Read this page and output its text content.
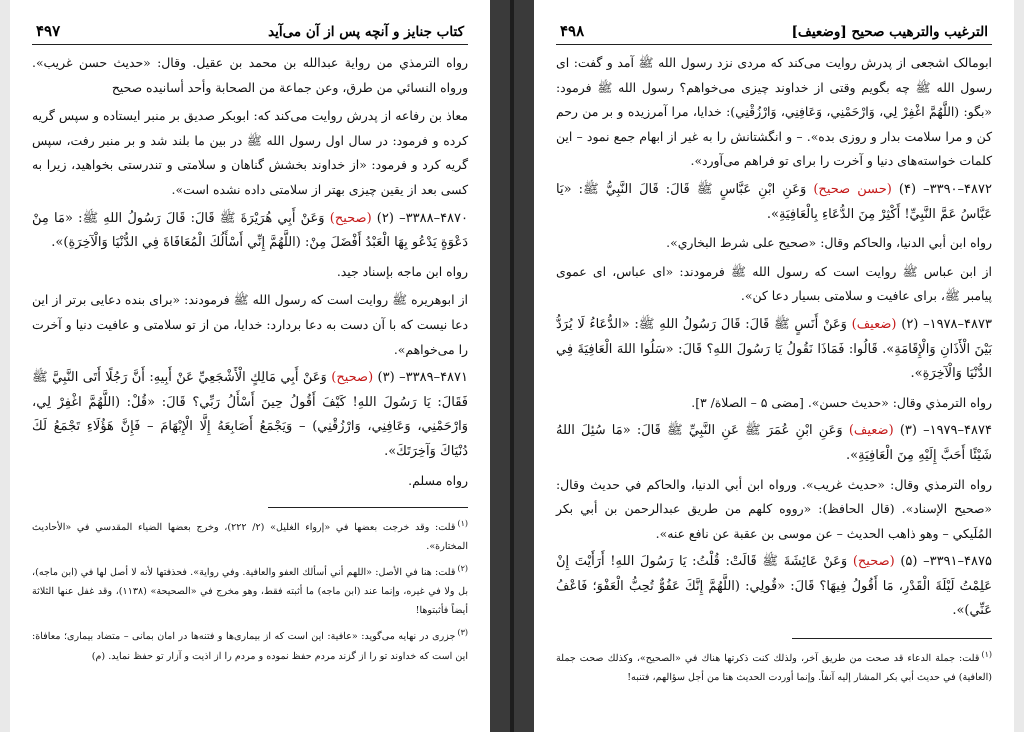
کتاب جنایز و آنچه پس از آن می‌آید
۴۹۷

رواه الترمذي من رواية عبدالله بن محمد بن عقيل. وقال: «حديث حسن غريب». ورواه النسائي من طرق، وعن جماعة من الصحابة وأحد أسانيده صحيح

معاذ بن رفاعه از پدرش روایت می‌کند که: ابوبکر صدیق بر منبر ایستاده و سپس گریه کرده و فرمود: در سال اول رسول الله ﷺ در بین ما بلند شد و بر منبر رفت، سپس گریه کرد و فرمود: «از خداوند بخشش گناهان و سلامتی و تندرستی بخواهید، زیرا به کسی بعد از یقین چیزی بهتر از سلامتی داده نشده است».

۴۸۷۰–۳۳۸۸– (۲) (صحيح) وَعَنْ أَبِي هُرَيْرَةَ ﷺ قَالَ: قَالَ رَسُولُ اللهِ ﷺ: «مَا مِنْ دَعْوَةٍ يَدْعُو بِهَا الْعَبْدُ أَفْضَلَ مِنْ: (اللَّهُمَّ إِنِّي أَسْأَلُكَ الْمُعَافَاةَ فِي الدُّنْيَا وَالْآخِرَةِ)».

رواه ابن ماجه بإسناد جيد.

از ابوهریره ﷺ روایت است که رسول الله ﷺ فرمودند: «برای بنده دعایی برتر از این دعا نیست که با آن دست به دعا بردارد: خدایا، من از تو سلامتی و عافیت دنیا و آخرت را می‌خواهم».

۴۸۷۱–۳۳۸۹– (۳) (صحيح) وَعَنْ أَبِي مَالِكٍ الْأَشْجَعِيِّ عَنْ أَبِيهِ: أَنَّ رَجُلًا أَتَى النَّبِيَّ ﷺ فَقَالَ: يَا رَسُولَ اللهِ! كَيْفَ أَقُولُ حِينَ أَسْأَلُ رَبِّي؟ قَالَ: «قُلْ: (اللَّهُمَّ اغْفِرْ لِي، وَارْحَمْنِي، وَعَافِنِي، وَارْزُقْنِي) – وَيَجْمَعُ أَصَابِعَهُ إِلَّا الْإِبْهَامَ – فَإِنَّ هَؤُلَاءِ تَجْمَعُ لَكَ دُنْيَاكَ وَآخِرَتَكَ».

رواه مسلم.

$^{(۱)}$قلت: وقد خرجت بعضها في «إرواء الغليل» (۲/ ۲۲۲)، وخرج بعضها الضياء المقدسي في «الأحاديث المختارة».

$^{(۲)}$قلت: هنا في الأصل: «اللهم أني أسألك العفو والعافية. وفي رواية». فحذفتها لأنه لا أصل لها في (ابن ماجه)، بل ولا في غيره، وإنما عند (ابن ماجه) ما أثبته فقط، وهو مخرج في «الصحيحة» (۱۱۳۸)، وقد غفل عنها الثلاثة أيضاً فأثبتوها!

$^{(۳)}$جزری در نهایه می‌گوید: «عافية: این است که از بیماری‌ها و فتنه‌ها در امان بمانی – متضاد بیماری؛ معافاة: این است که خداوند تو را از گزند مردم حفظ نموده و مردم را از اذیت و آزار تو حفظ نماید. (م)

الترغيب والترهيب صحيح [وضعيف]
۴۹۸

ابومالک اشجعی از پدرش روایت می‌کند که مردی نزد رسول الله ﷺ آمد و گفت: ای رسول الله ﷺ چه بگویم وقتی از خداوند چیزی می‌خواهم؟ رسول الله ﷺ فرمود: «بگو: (اللَّهُمَّ اغْفِرْ لِي، وَارْحَمْنِي، وَعَافِنِي، وَارْزُقْنِي): خدایا، مرا آمرزیده و بر من رحم کن و مرا سلامت بدار و روزی بده». – و انگشتانش را به غیر از ابهام جمع نمود – این کلمات خواسته‌های دنیا و آخرت را برای تو فراهم می‌آورد».

۴۸۷۲–۳۳۹۰– (۴) (حسن صحيح) وَعَنِ ابْنِ عَبَّاسٍ ﷺ قَالَ: قَالَ النَّبِيُّ ﷺ: «يَا عَبَّاسُ عَمَّ النَّبِيِّ! أَكْثِرْ مِنَ الدُّعَاءِ بِالْعَافِيَةِ».

رواه ابن أبي الدنيا، والحاكم وقال: «صحيح على شرط البخاري».

از ابن عباس ﷺ روایت است که رسول الله ﷺ فرمودند: «ای عباس، ای عموی پیامبر ﷺ، برای عافیت و سلامتی بسیار دعا کن».

۴۸۷۳–۱۹۷۸– (۲) (ضعيف) وَعَنْ أَنَسٍ ﷺ قَالَ: قَالَ رَسُولُ اللهِ ﷺ: «الدُّعَاءُ لَا يُرَدُّ بَيْنَ الْأَذَانِ وَالْإِقَامَةِ». قَالُوا: فَمَاذَا نَقُولُ يَا رَسُولَ اللهِ؟ قَالَ: «سَلُوا اللهَ الْعَافِيَةَ فِي الدُّنْيَا وَالْآخِرَةِ».

رواه الترمذي وقال: «حديث حسن». [مضى ۵ – الصلاة/ ۳].

۴۸۷۴–۱۹۷۹– (۳) (ضعيف) وَعَنِ ابْنِ عُمَرَ ﷺ عَنِ النَّبِيِّ ﷺ قَالَ: «مَا سُئِلَ اللهُ شَيْئًا أَحَبَّ إِلَيْهِ مِنَ الْعَافِيَةِ».

رواه الترمذي وقال: «حديث غريب». ورواه ابن أبي الدنيا، والحاكم في حديث وقال: «صحيح الإسناد». (قال الحافظ): «رووه كلهم من طريق عبدالرحمن بن أبي بكر المُلَيكي – وهو ذاهب الحديث – عن موسى بن عقبة عن نافع عنه».

۴۸۷۵–۳۳۹۱– (۵) (صحيح) وَعَنْ عَائِشَةَ ﷺ قَالَتْ: قُلْتُ: يَا رَسُولَ اللهِ! أَرَأَيْتَ إِنْ عَلِمْتُ لَيْلَةَ الْقَدْرِ، مَا أَقُولُ فِيهَا؟ قَالَ: «قُولِي: (اللَّهُمَّ إِنَّكَ عَفُوٌّ تُحِبُّ الْعَفْوَ؛ فَاعْفُ عَنِّي)».

$^{(۱)}$قلت: جملة الدعاء قد صحت من طريق آخر، ولذلك كنت ذكرتها هناك في «الصحيح»، وكذلك صحت جملة (العافية) في حديث أبي بكر المشار إليه آنفاً. وإنما أوردت الحديث هنا من أجل سؤالهم، فتنبه!
